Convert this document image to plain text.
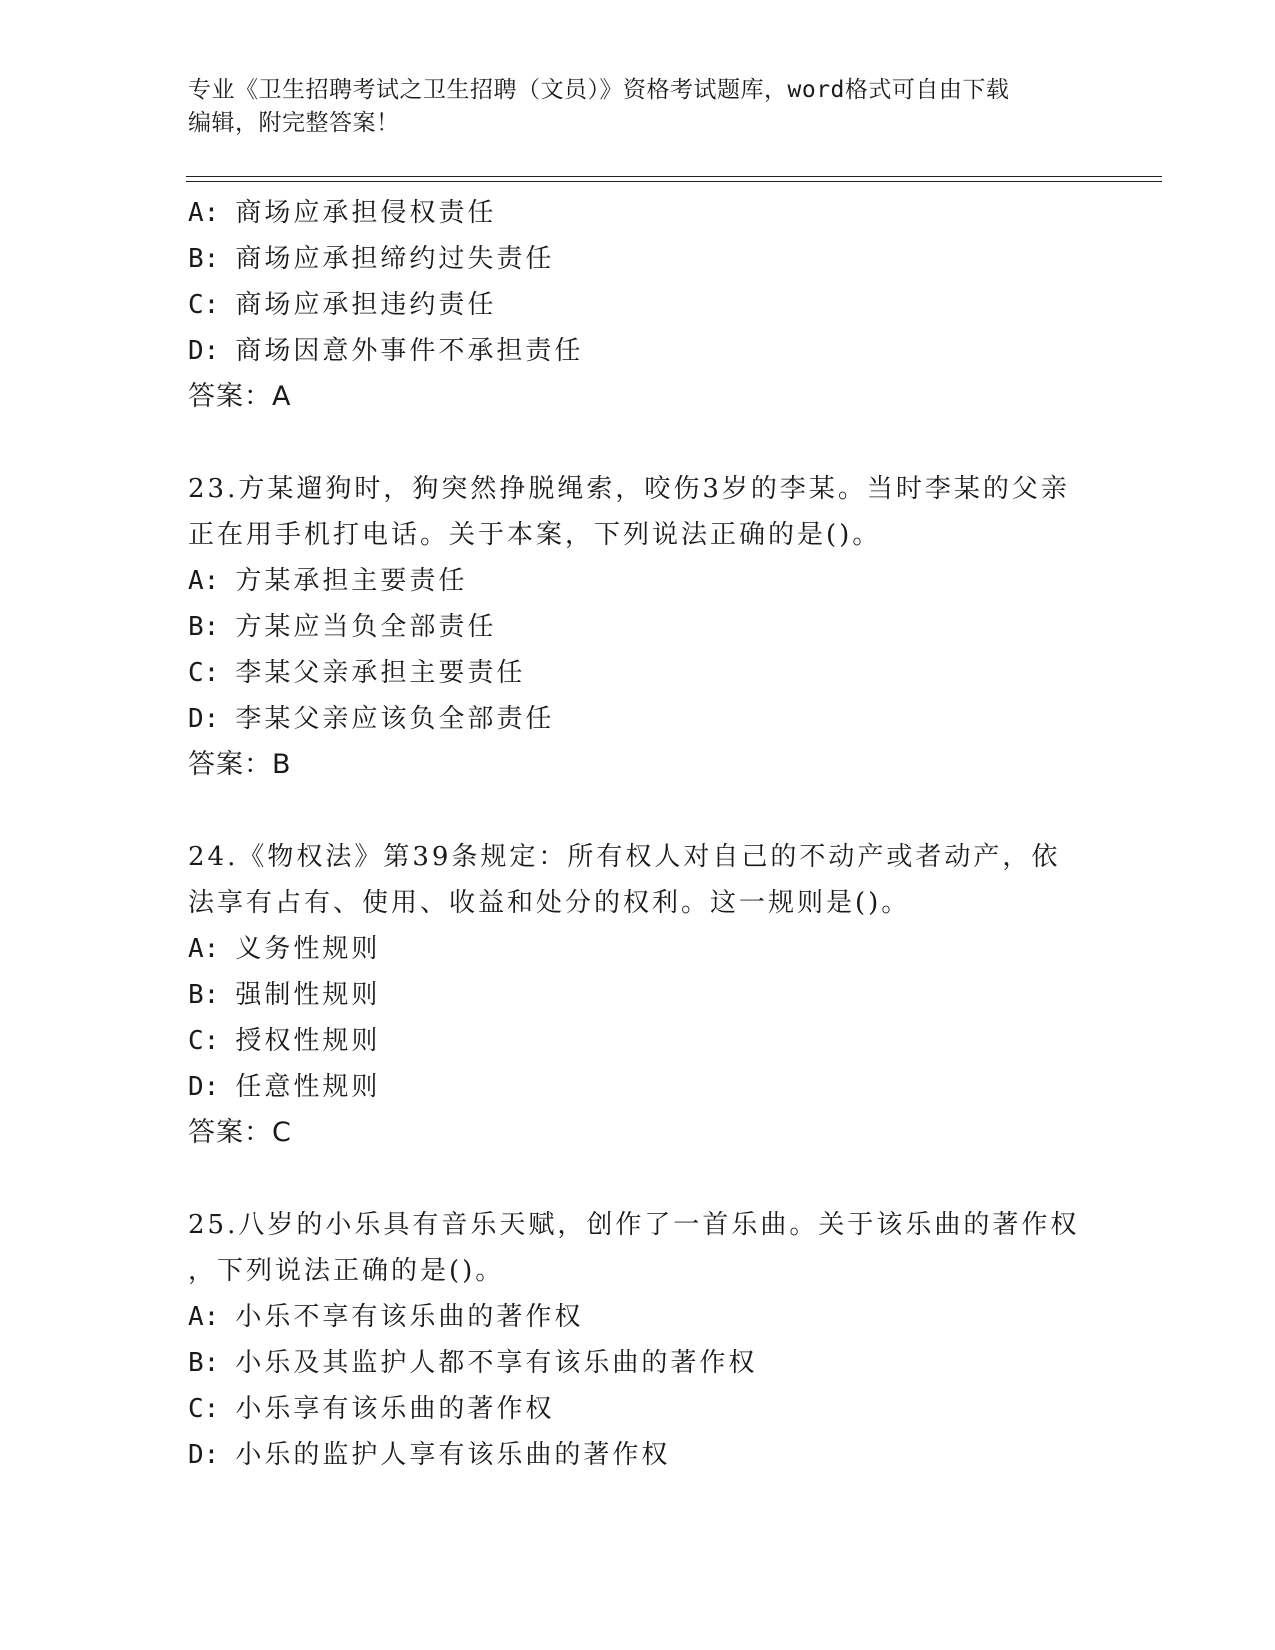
专业《卫生招聘考试之卫生招聘（文员）》资格考试题库，word格式可自由下载
编辑，附完整答案！
A: 商场应承担侵权责任
B: 商场应承担缔约过失责任
C: 商场应承担违约责任
D: 商场因意外事件不承担责任
答案：A
23.方某遛狗时，狗突然挣脱绳索，咬伤3岁的李某。当时李某的父亲
正在用手机打电话。关于本案，下列说法正确的是()。
A: 方某承担主要责任
B: 方某应当负全部责任
C: 李某父亲承担主要责任
D: 李某父亲应该负全部责任
答案：B
24.《物权法》第39条规定：所有权人对自己的不动产或者动产，依
法享有占有、使用、收益和处分的权利。这一规则是()。
A: 义务性规则
B: 强制性规则
C: 授权性规则
D: 任意性规则
答案：C
25.八岁的小乐具有音乐天赋，创作了一首乐曲。关于该乐曲的著作权
，下列说法正确的是()。
A: 小乐不享有该乐曲的著作权
B: 小乐及其监护人都不享有该乐曲的著作权
C: 小乐享有该乐曲的著作权
D: 小乐的监护人享有该乐曲的著作权
